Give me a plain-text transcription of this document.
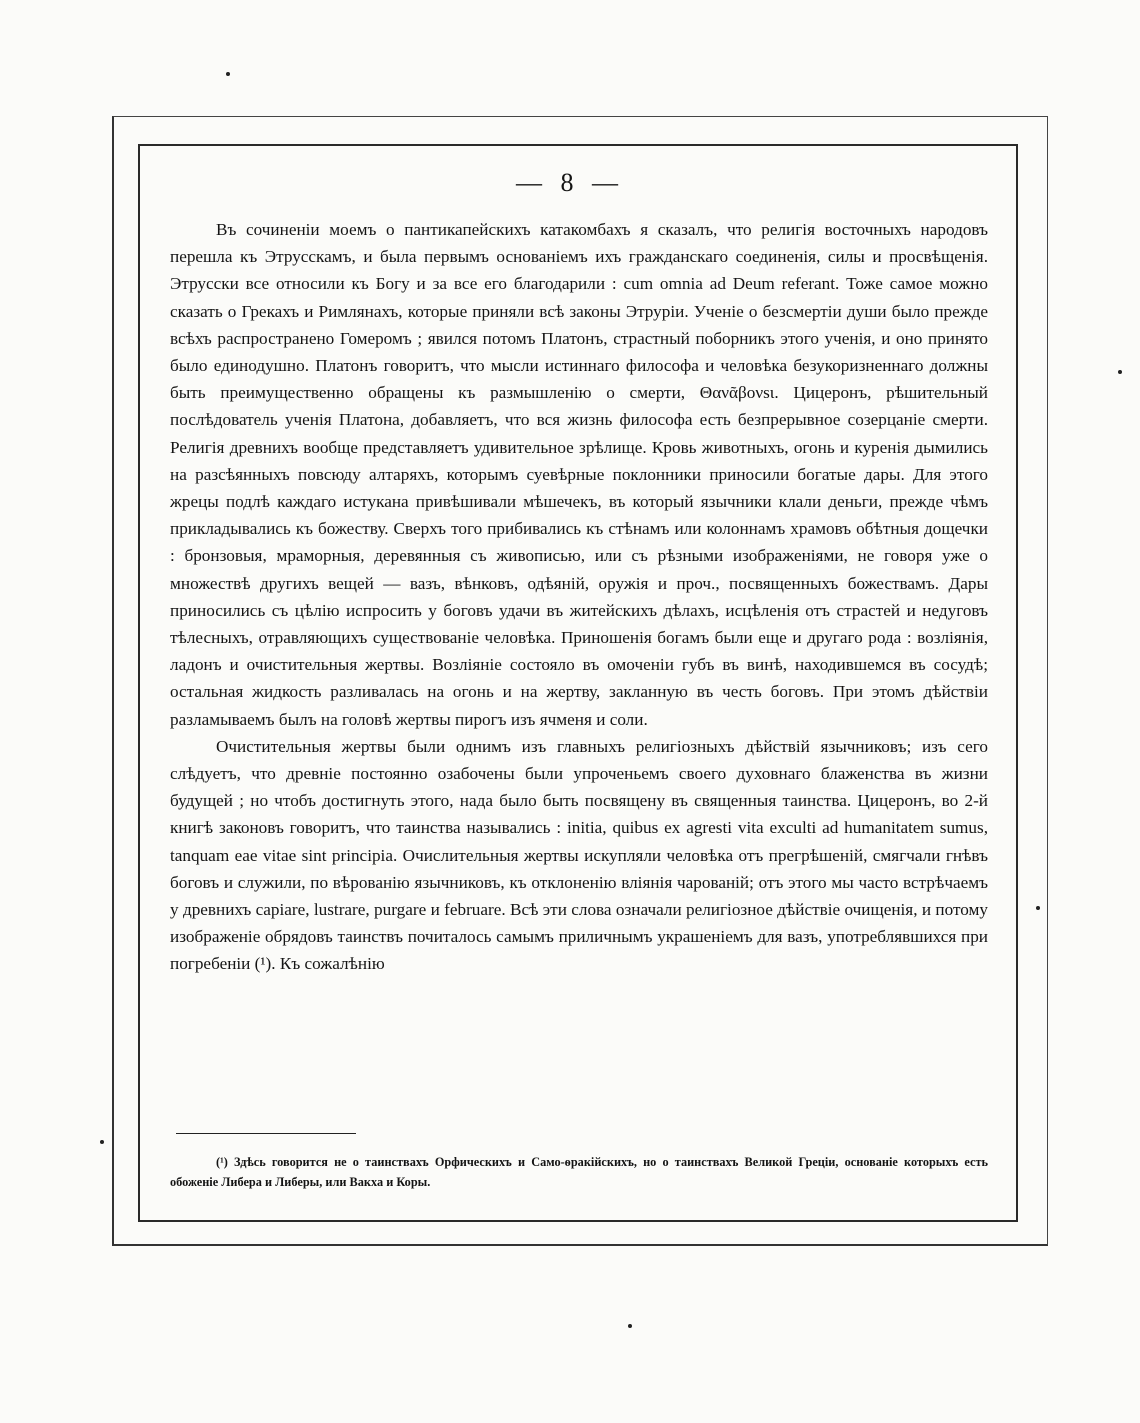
— 8 —

Въ сочиненіи моемъ о пантикапейскихъ катакомбахъ я сказалъ, что религія восточныхъ народовъ перешла къ Этрусскамъ, и была первымъ основаніемъ ихъ гражданскаго соединенія, силы и просвѣщенія. Этрусски все относили къ Богу и за все его благодарили : cum omnia ad Deum referant. Тоже самое можно сказать о Грекахъ и Римлянахъ, которые приняли всѣ законы Этруріи. Ученіе о безсмертіи души было прежде всѣхъ распространено Гомеромъ ; явился потомъ Платонъ, страстный поборникъ этого ученія, и оно принято было единодушно. Платонъ говоритъ, что мысли истиннаго философа и человѣка безукоризненнаго должны быть преимущественно обращены къ размышленію о смерти, Θανᾶβονsι. Цицеронъ, рѣшительный послѣдователь ученія Платона, добавляетъ, что вся жизнь философа есть безпрерывное созерцаніе смерти. Религія древнихъ вообще представляетъ удивительное зрѣлище. Кровь животныхъ, огонь и куренія дымились на разсѣянныхъ повсюду алтаряхъ, которымъ суевѣрные поклонники приносили богатые дары. Для этого жрецы подлѣ каждаго истукана привѣшивали мѣшечекъ, въ который язычники клали деньги, прежде чѣмъ прикладывались къ божеству. Сверхъ того прибивались къ стѣнамъ или колоннамъ храмовъ обѣтныя дощечки : бронзовыя, мраморныя, деревянныя съ живописью, или съ рѣзными изображеніями, не говоря уже о множествѣ другихъ вещей — вазъ, вѣнковъ, одѣяній, оружія и проч., посвященныхъ божествамъ. Дары приносились съ цѣлію испросить у боговъ удачи въ житейскихъ дѣлахъ, исцѣленія отъ страстей и недуговъ тѣлесныхъ, отравляющихъ существованіе человѣка. Приношенія богамъ были еще и другаго рода : возліянія, ладонъ и очистительныя жертвы. Возліяніе состояло въ омоченіи губъ въ винѣ, находившемся въ сосудѣ; остальная жидкость разливалась на огонь и на жертву, закланную въ честь боговъ. При этомъ дѣйствіи разламываемъ былъ на головѣ жертвы пирогъ изъ ячменя и соли.

Очистительныя жертвы были однимъ изъ главныхъ религіозныхъ дѣйствій язычниковъ; изъ сего слѣдуетъ, что древніе постоянно озабочены были упроченьемъ своего духовнаго блаженства въ жизни будущей ; но чтобъ достигнуть этого, нада было быть посвящену въ священныя таинства. Цицеронъ, во 2-й книгѣ законовъ говоритъ, что таинства назывались : initia, quibus ex agresti vita exculti ad humanitatem sumus, tanquam eae vitae sint principia. Очислительныя жертвы искупляли человѣка отъ прегрѣшеній, смягчали гнѣвъ боговъ и служили, по вѣрованію язычниковъ, къ отклоненію вліянія чарованій; отъ этого мы часто встрѣчаемъ у древнихъ capiare, lustrare, purgare и februare. Всѣ эти слова означали религіозное дѣйствіе очищенія, и потому изображеніе обрядовъ таинствъ почиталось самымъ приличнымъ украшеніемъ для вазъ, употреблявшихся при погребеніи (¹). Къ сожалѣнію

(¹) Здѣсь говорится не о таинствахъ Орфическихъ и Само-ѳракійскихъ, но о таинствахъ Великой Греціи, основаніе которыхъ есть обоженіе Либера и Либеры, или Вакха и Коры.
